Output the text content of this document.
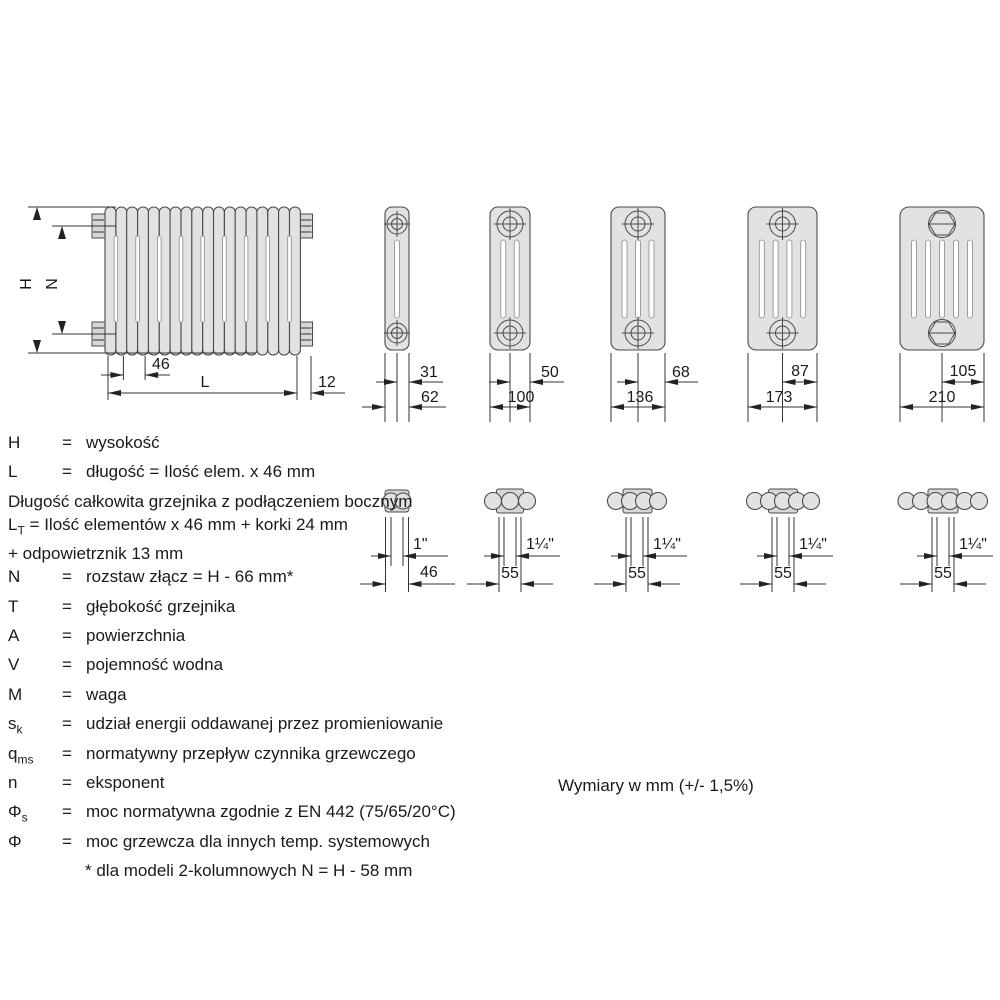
H N
46
L	12
31
62
50
100
68
136
87
173
105
210
1"
46
1¼"
55
1¼"
55
1¼"
55
1¼"
55
H	= wysokość
L	= długość = Ilość elem. x 46 mm
Długość całkowita grzejnika z podłączeniem bocznym
$L_T$ = Ilość elementów x 46 mm + korki 24 mm
+ odpowietrznik 13 mm
N	= rozstaw złącz = H - 66 mm*
T	= głębokość grzejnika
A	= powierzchnia
V	= pojemność wodna
M	= waga
$s_k$	= udział energii oddawanej przez promieniowanie
$q_{ms}$	= normatywny przepływ czynnika grzewczego
n	= eksponent
$\Phi_s$	= moc normatywna zgodnie z EN 442 (75/65/20°C)
Φ	= moc grzewcza dla innych temp. systemowych
* dla modeli 2-kolumnowych N = H - 58 mm
Wymiary w mm (+/- 1,5%)
